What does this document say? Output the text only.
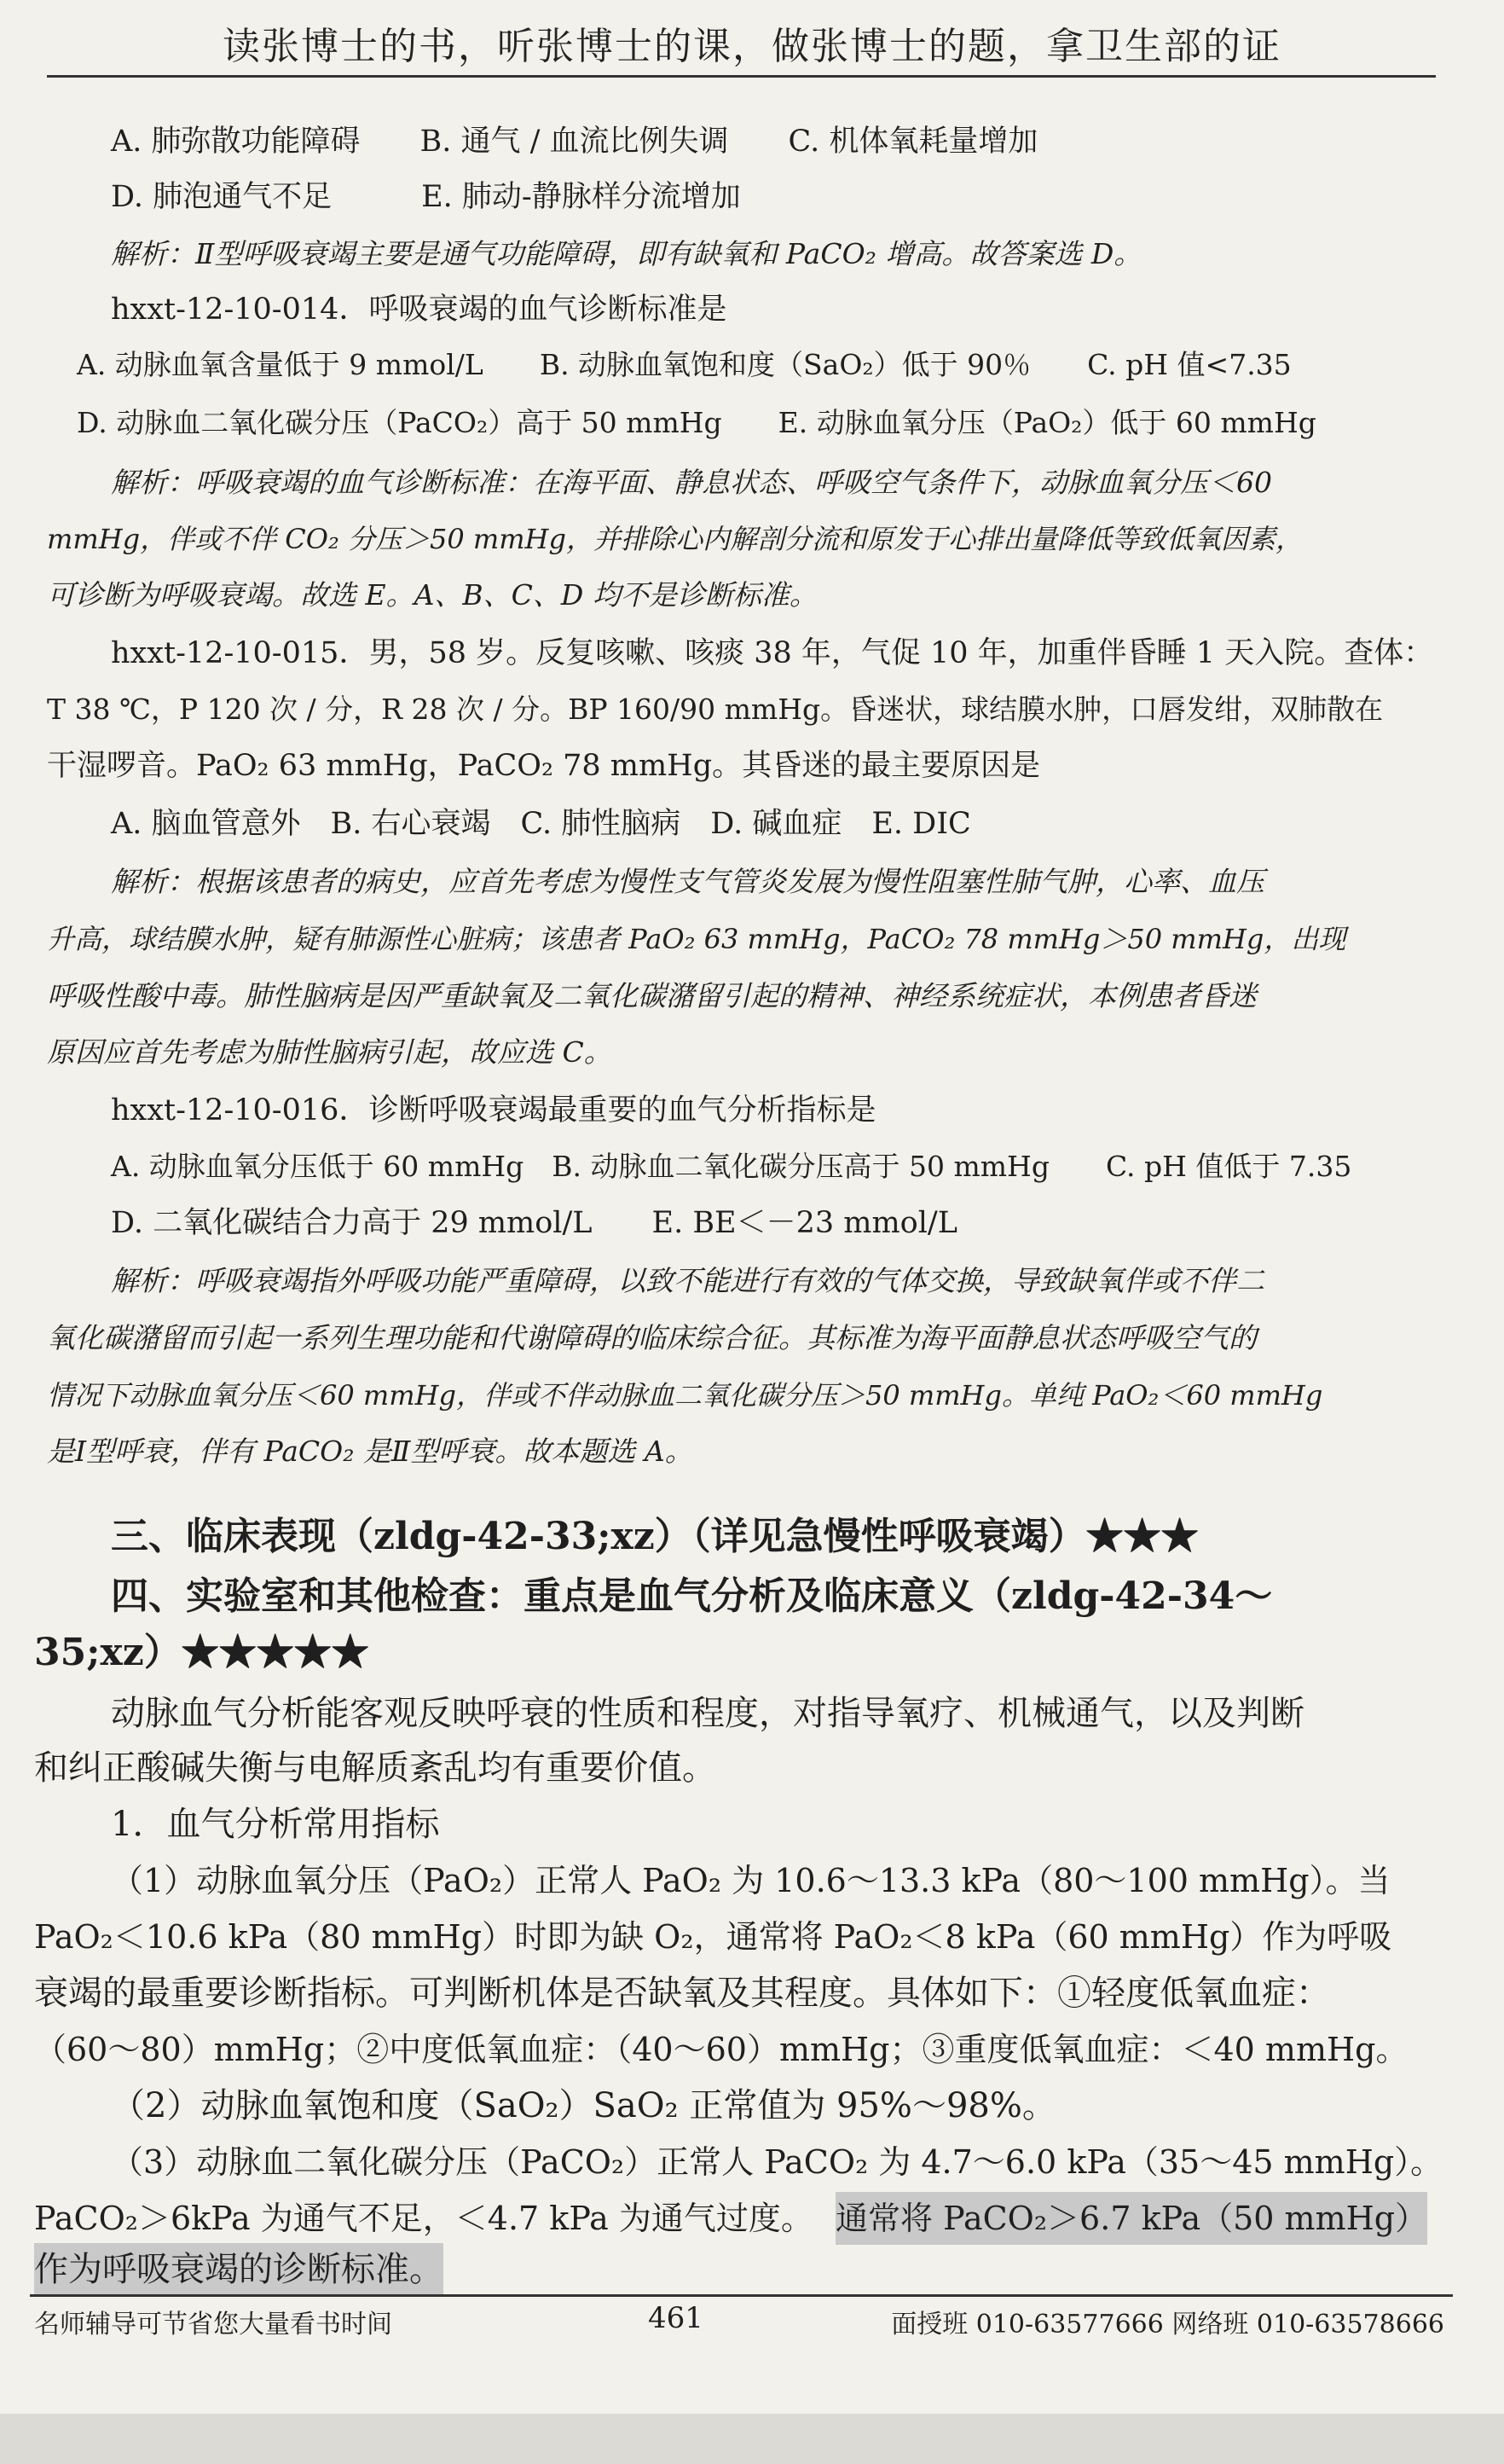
读张博士的书，听张博士的课，做张博士的题，拿卫生部的证
A. 肺弥散功能障碍　　B. 通气 / 血流比例失调　　C. 机体氧耗量增加
D. 肺泡通气不足　　　E. 肺动-静脉样分流增加
解析：Ⅱ型呼吸衰竭主要是通气功能障碍，即有缺氧和 PaCO₂ 增高。故答案选 D。
hxxt-12-10-014．呼吸衰竭的血气诊断标准是
A. 动脉血氧含量低于 9 mmol/L　　B. 动脉血氧饱和度（SaO₂）低于 90％　　C. pH 值<7.35
D. 动脉血二氧化碳分压（PaCO₂）高于 50 mmHg　　E. 动脉血氧分压（PaO₂）低于 60 mmHg
解析：呼吸衰竭的血气诊断标准：在海平面、静息状态、呼吸空气条件下，动脉血氧分压＜60
mmHg，伴或不伴 CO₂ 分压＞50 mmHg，并排除心内解剖分流和原发于心排出量降低等致低氧因素，
可诊断为呼吸衰竭。故选 E。A、B、C、D 均不是诊断标准。
hxxt-12-10-015．男，58 岁。反复咳嗽、咳痰 38 年，气促 10 年，加重伴昏睡 1 天入院。查体：
T 38 ℃，P 120 次 / 分，R 28 次 / 分。BP 160/90 mmHg。昏迷状，球结膜水肿，口唇发绀，双肺散在
干湿啰音。PaO₂ 63 mmHg，PaCO₂ 78 mmHg。其昏迷的最主要原因是
A. 脑血管意外　B. 右心衰竭　C. 肺性脑病　D. 碱血症　E. DIC
解析：根据该患者的病史，应首先考虑为慢性支气管炎发展为慢性阻塞性肺气肿，心率、血压
升高，球结膜水肿，疑有肺源性心脏病；该患者 PaO₂ 63 mmHg，PaCO₂ 78 mmHg＞50 mmHg，出现
呼吸性酸中毒。肺性脑病是因严重缺氧及二氧化碳潴留引起的精神、神经系统症状，本例患者昏迷
原因应首先考虑为肺性脑病引起，故应选 C。
hxxt-12-10-016．诊断呼吸衰竭最重要的血气分析指标是
A. 动脉血氧分压低于 60 mmHg　B. 动脉血二氧化碳分压高于 50 mmHg　　C. pH 值低于 7.35
D. 二氧化碳结合力高于 29 mmol/L　　E. BE＜－23 mmol/L
解析：呼吸衰竭指外呼吸功能严重障碍，以致不能进行有效的气体交换，导致缺氧伴或不伴二
氧化碳潴留而引起一系列生理功能和代谢障碍的临床综合征。其标准为海平面静息状态呼吸空气的
情况下动脉血氧分压＜60 mmHg，伴或不伴动脉血二氧化碳分压＞50 mmHg。单纯 PaO₂＜60 mmHg
是Ⅰ型呼衰，伴有 PaCO₂ 是Ⅱ型呼衰。故本题选 A。
三、临床表现（zldg-42-33;xz）（详见急慢性呼吸衰竭）★★★
四、实验室和其他检查：重点是血气分析及临床意义（zldg-42-34～
35;xz）★★★★★
动脉血气分析能客观反映呼衰的性质和程度，对指导氧疗、机械通气，以及判断
和纠正酸碱失衡与电解质紊乱均有重要价值。
1．血气分析常用指标
（1）动脉血氧分压（PaO₂）正常人 PaO₂ 为 10.6～13.3 kPa（80～100 mmHg）。当
PaO₂＜10.6 kPa（80 mmHg）时即为缺 O₂，通常将 PaO₂＜8 kPa（60 mmHg）作为呼吸
衰竭的最重要诊断指标。可判断机体是否缺氧及其程度。具体如下：①轻度低氧血症：
（60～80）mmHg；②中度低氧血症：（40～60）mmHg；③重度低氧血症：＜40 mmHg。
（2）动脉血氧饱和度（SaO₂）SaO₂ 正常值为 95%～98%。
（3）动脉血二氧化碳分压（PaCO₂）正常人 PaCO₂ 为 4.7～6.0 kPa（35～45 mmHg）。
PaCO₂＞6kPa 为通气不足，＜4.7 kPa 为通气过度。 通常将 PaCO₂＞6.7 kPa（50 mmHg）
作为呼吸衰竭的诊断标准。
名师辅导可节省您大量看书时间	461	面授班 010-63577666 网络班 010-63578666
